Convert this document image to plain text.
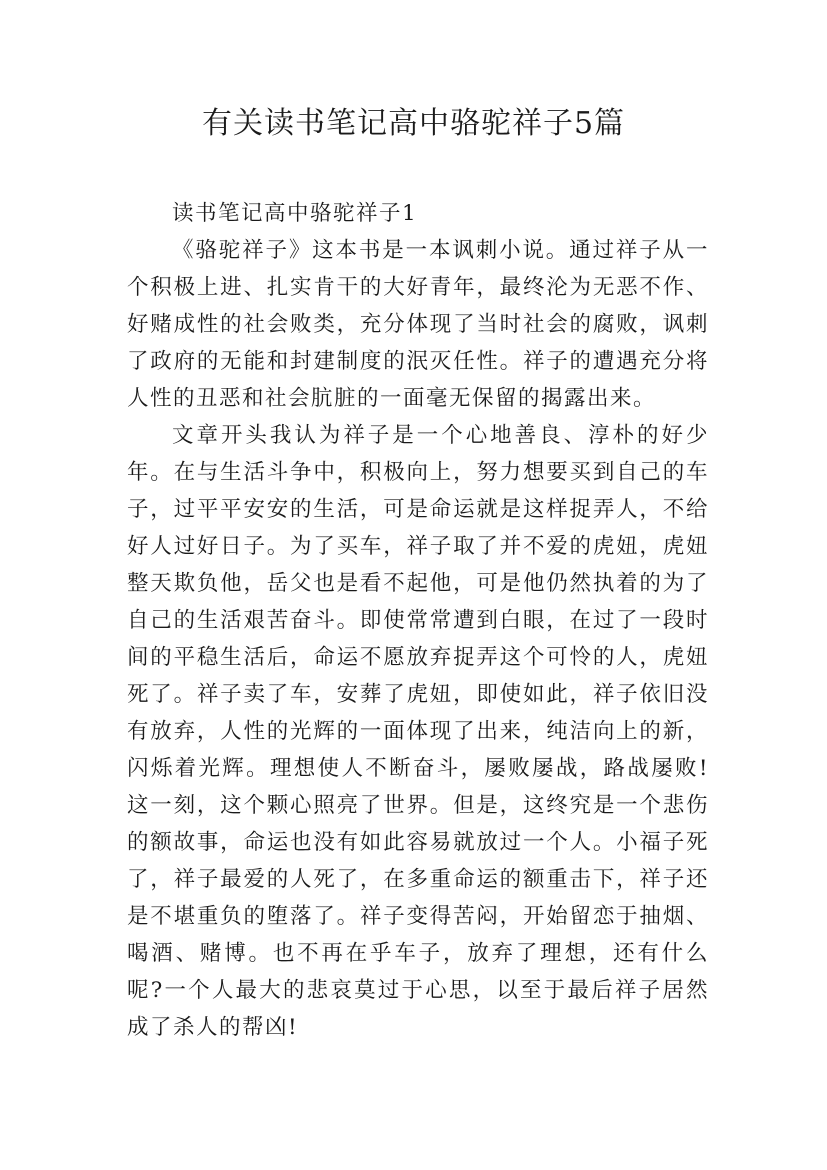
有关读书笔记高中骆驼祥子5篇
读书笔记高中骆驼祥子1

《骆驼祥子》这本书是一本讽刺小说。通过祥子从一个积极上进、扎实肯干的大好青年，最终沦为无恶不作、好赌成性的社会败类，充分体现了当时社会的腐败，讽刺了政府的无能和封建制度的泯灭任性。祥子的遭遇充分将人性的丑恶和社会肮脏的一面毫无保留的揭露出来。

文章开头我认为祥子是一个心地善良、淳朴的好少年。在与生活斗争中，积极向上，努力想要买到自己的车子，过平平安安的生活，可是命运就是这样捉弄人，不给好人过好日子。为了买车，祥子取了并不爱的虎妞，虎妞整天欺负他，岳父也是看不起他，可是他仍然执着的为了自己的生活艰苦奋斗。即使常常遭到白眼，在过了一段时间的平稳生活后，命运不愿放弃捉弄这个可怜的人，虎妞死了。祥子卖了车，安葬了虎妞，即使如此，祥子依旧没有放弃，人性的光辉的一面体现了出来，纯洁向上的新，闪烁着光辉。理想使人不断奋斗，屡败屡战，路战屡败!这一刻，这个颗心照亮了世界。但是，这终究是一个悲伤的额故事，命运也没有如此容易就放过一个人。小福子死了，祥子最爱的人死了，在多重命运的额重击下，祥子还是不堪重负的堕落了。祥子变得苦闷，开始留恋于抽烟、喝酒、赌博。也不再在乎车子，放弃了理想，还有什么呢?一个人最大的悲哀莫过于心思，以至于最后祥子居然成了杀人的帮凶!
